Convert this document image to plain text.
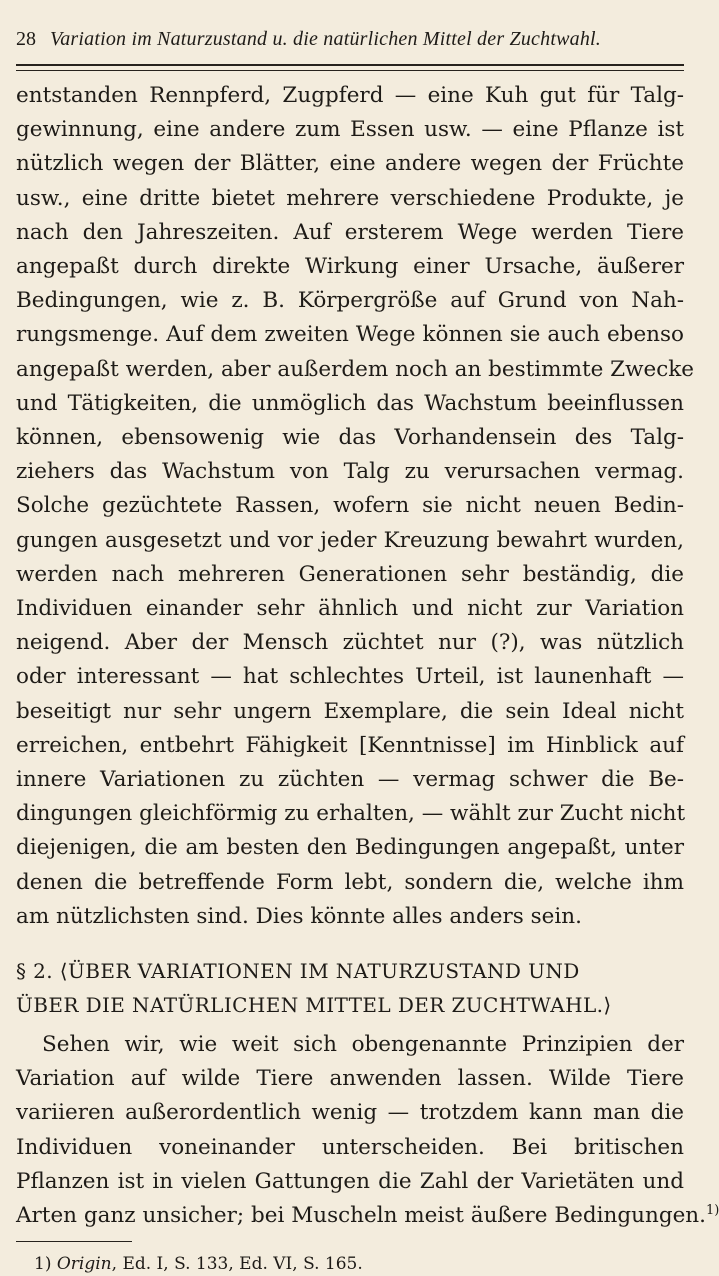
28 Variation im Naturzustand u. die natürlichen Mittel der Zuchtwahl.
entstanden Rennpferd, Zugpferd — eine Kuh gut für Talg-
gewinnung, eine andere zum Essen usw. — eine Pflanze ist
nützlich wegen der Blätter, eine andere wegen der Früchte
usw., eine dritte bietet mehrere verschiedene Produkte, je
nach den Jahreszeiten. Auf ersterem Wege werden Tiere
angepaßt durch direkte Wirkung einer Ursache, äußerer
Bedingungen, wie z. B. Körpergröße auf Grund von Nah-
rungsmenge. Auf dem zweiten Wege können sie auch ebenso
angepaßt werden, aber außerdem noch an bestimmte Zwecke
und Tätigkeiten, die unmöglich das Wachstum beeinflussen
können, ebensowenig wie das Vorhandensein des Talg-
ziehers das Wachstum von Talg zu verursachen vermag.
Solche gezüchtete Rassen, wofern sie nicht neuen Bedin-
gungen ausgesetzt und vor jeder Kreuzung bewahrt wurden,
werden nach mehreren Generationen sehr beständig, die
Individuen einander sehr ähnlich und nicht zur Variation
neigend. Aber der Mensch züchtet nur (?), was nützlich
oder interessant — hat schlechtes Urteil, ist launenhaft —
beseitigt nur sehr ungern Exemplare, die sein Ideal nicht
erreichen, entbehrt Fähigkeit [Kenntnisse] im Hinblick auf
innere Variationen zu züchten — vermag schwer die Be-
dingungen gleichförmig zu erhalten, — wählt zur Zucht nicht
diejenigen, die am besten den Bedingungen angepaßt, unter
denen die betreffende Form lebt, sondern die, welche ihm
am nützlichsten sind. Dies könnte alles anders sein.
§ 2. ⟨ÜBER VARIATIONEN IM NATURZUSTAND UND
ÜBER DIE NATÜRLICHEN MITTEL DER ZUCHTWAHL.⟩
Sehen wir, wie weit sich obengenannte Prinzipien der
Variation auf wilde Tiere anwenden lassen. Wilde Tiere
variieren außerordentlich wenig — trotzdem kann man die
Individuen voneinander unterscheiden. Bei britischen
Pflanzen ist in vielen Gattungen die Zahl der Varietäten und
Arten ganz unsicher; bei Muscheln meist äußere Bedingungen.$^{1)}$
1) Origin, Ed. I, S. 133, Ed. VI, S. 165.
